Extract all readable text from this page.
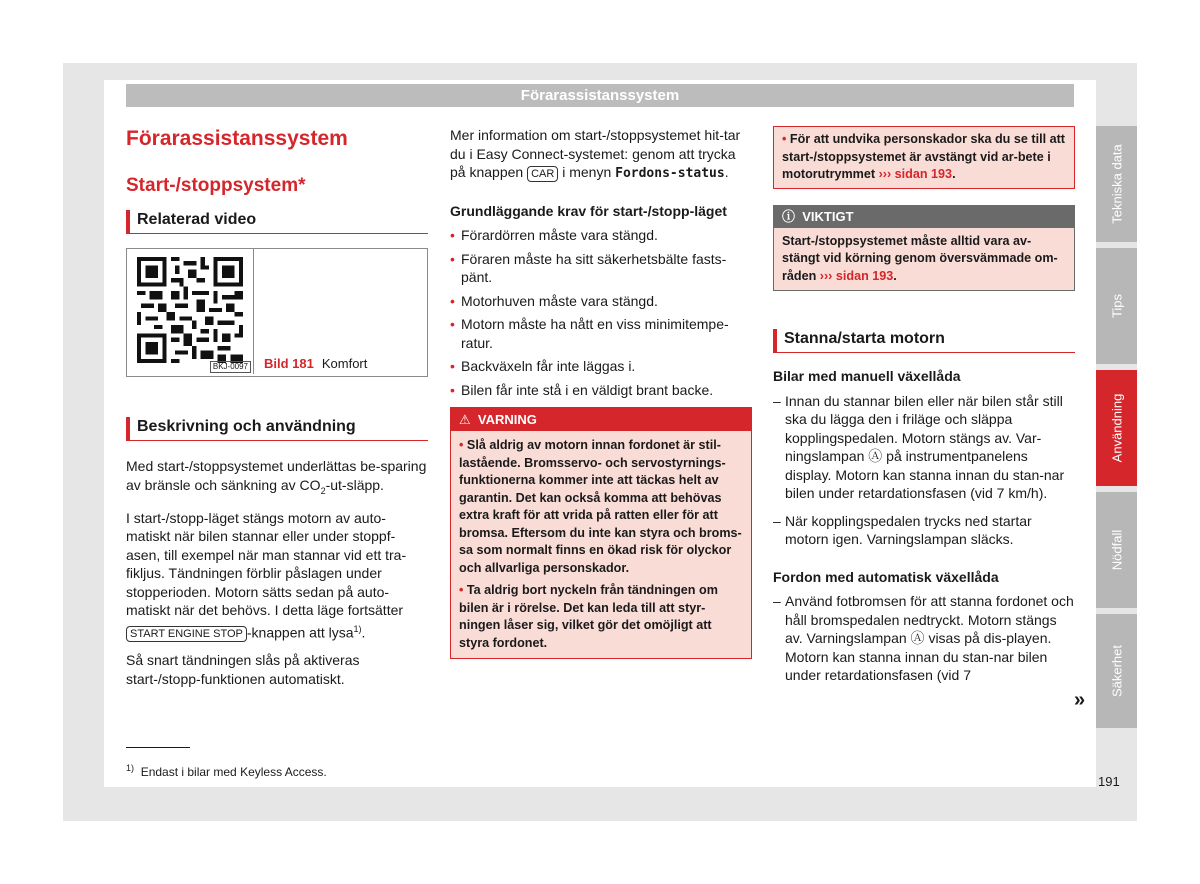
Förarassistanssystem
Förarassistanssystem
Start-/stoppsystem*
Relaterad video
BKJ-0097 Bild 181 Komfort
Beskrivning och användning

Med start-/stoppsystemet underlättas be-sparing av bränsle och sänkning av $CO_2-ut$-släpp.

I start-/stopp-läget stängs motorn av auto-matiskt när bilen stannar eller under stoppf-asen, till exempel när man stannar vid ett tra-fikljus. Tändningen förblir påslagen under stopperioden. Motorn sätts sedan på auto-matiskt när det behövs. I detta läge fortsätter START ENGINE STOP -knappen att lysa$^{1)}$.

Så snart tändningen slås på aktiveras start-/stopp-funktionen automatiskt.

Mer information om start-/stoppsystemet hit-tar du i Easy Connect-systemet: genom att trycka på knappen CAR i menyn Fordons-status.

Grundläggande krav för start-/stopp-läget
• Förardörren måste vara stängd.
• Föraren måste ha sitt säkerhetsbälte fasts-pänt.
• Motorhuven måste vara stängd.
• Motorn måste ha nått en viss minimitempe-ratur.
• Backväxeln får inte läggas i.
• Bilen får inte stå i en väldigt brant backe.
⚠ VARNING
• Slå aldrig av motorn innan fordonet är stil-lastående. Bromsservo- och servostyrnings-funktionerna kommer inte att täckas helt av garantin. Det kan också komma att behövas extra kraft för att vrida på ratten eller för att bromsa. Eftersom du inte kan styra och broms-sa som normalt finns en ökad risk för olyckor och allvarliga personskador.
• Ta aldrig bort nyckeln från tändningen om bilen är i rörelse. Det kan leda till att styr-ningen låser sig, vilket gör det omöjligt att styra fordonet.
• För att undvika personskador ska du se till att start-/stoppsystemet är avstängt vid ar-bete i motorutrymmet ››› sidan 193.
ⓘ VIKTIGT
Start-/stoppsystemet måste alltid vara av-stängt vid körning genom översvämmade om-råden ››› sidan 193.
Stanna/starta motorn
Bilar med manuell växellåda
– Innan du stannar bilen eller när bilen står still ska du lägga den i friläge och släppa kopplingspedalen. Motorn stängs av. Var-ningslampan Ⓐ på instrumentpanelens display. Motorn kan stanna innan du stan-nar bilen under retardationsfasen (vid 7 km/h).
– När kopplingspedalen trycks ned startar motorn igen. Varningslampan släcks.
Fordon med automatisk växellåda
– Använd fotbromsen för att stanna fordonet och håll bromspedalen nedtryckt. Motorn stängs av. Varningslampan Ⓐ visas på dis-playen. Motorn kan stanna innan du stan-nar bilen under retardationsfasen (vid 7
»
Tekniska data
Tips
Användning
Nödfall
Säkerhet
$^{1)}$ Endast i bilar med Keyless Access.
191
